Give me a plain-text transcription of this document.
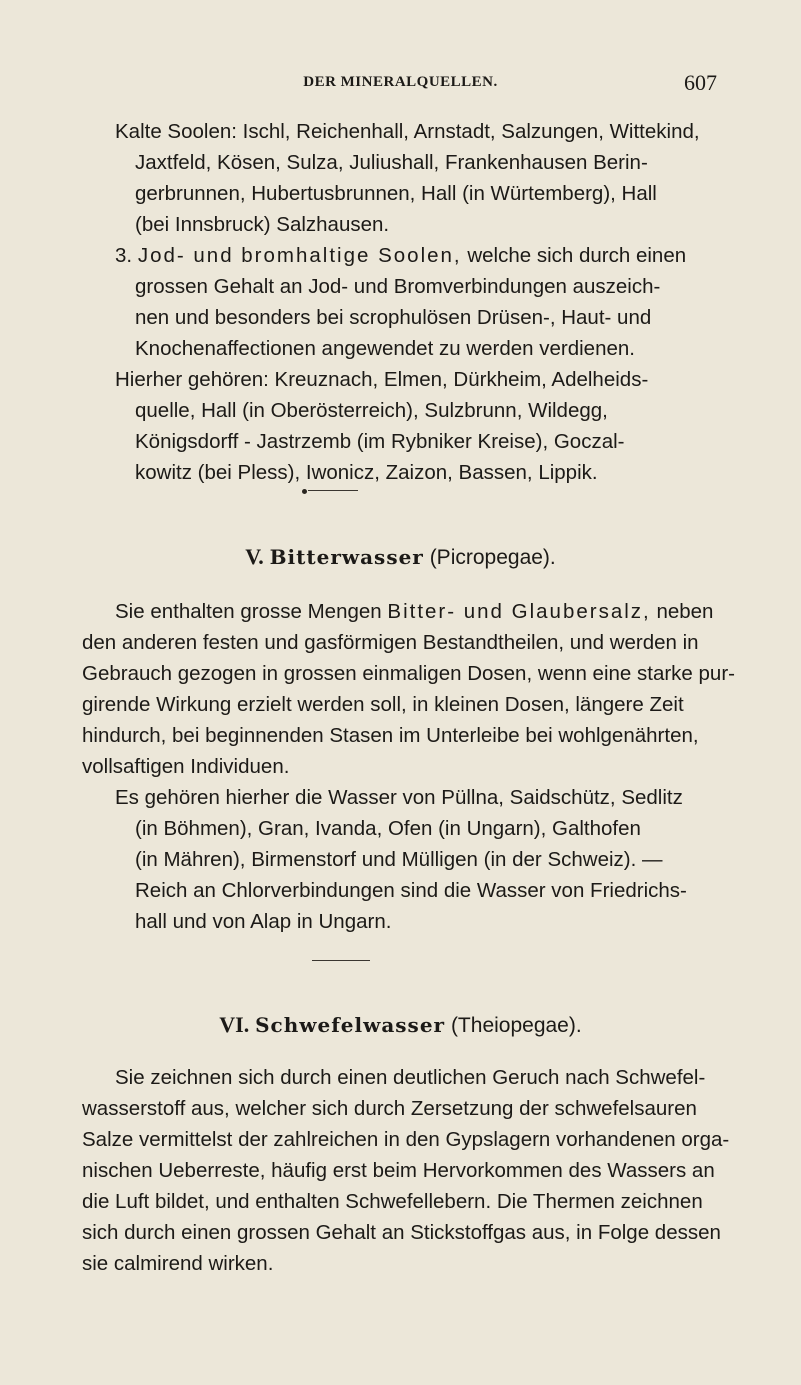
DER MINERALQUELLEN.	607
Kalte Soolen: Ischl, Reichenhall, Arnstadt, Salzungen, Wittekind,
Jaxtfeld, Kösen, Sulza, Juliushall, Frankenhausen Berin-
gerbrunnen, Hubertusbrunnen, Hall (in Würtemberg), Hall
(bei Innsbruck) Salzhausen.
3. Jod- und bromhaltige Soolen, welche sich durch einen
grossen Gehalt an Jod- und Bromverbindungen auszeich-
nen und besonders bei scrophulösen Drüsen-, Haut- und
Knochenaffectionen angewendet zu werden verdienen.
Hierher gehören: Kreuznach, Elmen, Dürkheim, Adelheids-
quelle, Hall (in Oberösterreich), Sulzbrunn, Wildegg,
Königsdorff - Jastrzemb (im Rybniker Kreise), Goczal-
kowitz (bei Pless), Iwonicz, Zaizon, Bassen, Lippik.
V. Bitterwasser (Picropegae).
Sie enthalten grosse Mengen Bitter- und Glaubersalz, neben
den anderen festen und gasförmigen Bestandtheilen, und werden in
Gebrauch gezogen in grossen einmaligen Dosen, wenn eine starke pur-
girende Wirkung erzielt werden soll, in kleinen Dosen, längere Zeit
hindurch, bei beginnenden Stasen im Unterleibe bei wohlgenährten,
vollsaftigen Individuen.
Es gehören hierher die Wasser von Püllna, Saidschütz, Sedlitz
(in Böhmen), Gran, Ivanda, Ofen (in Ungarn), Galthofen
(in Mähren), Birmenstorf und Mülligen (in der Schweiz). —
Reich an Chlorverbindungen sind die Wasser von Friedrichs-
hall und von Alap in Ungarn.
VI. Schwefelwasser (Theiopegae).
Sie zeichnen sich durch einen deutlichen Geruch nach Schwefel-
wasserstoff aus, welcher sich durch Zersetzung der schwefelsauren
Salze vermittelst der zahlreichen in den Gypslagern vorhandenen orga-
nischen Ueberreste, häufig erst beim Hervorkommen des Wassers an
die Luft bildet, und enthalten Schwefellebern. Die Thermen zeichnen
sich durch einen grossen Gehalt an Stickstoffgas aus, in Folge dessen
sie calmirend wirken.
